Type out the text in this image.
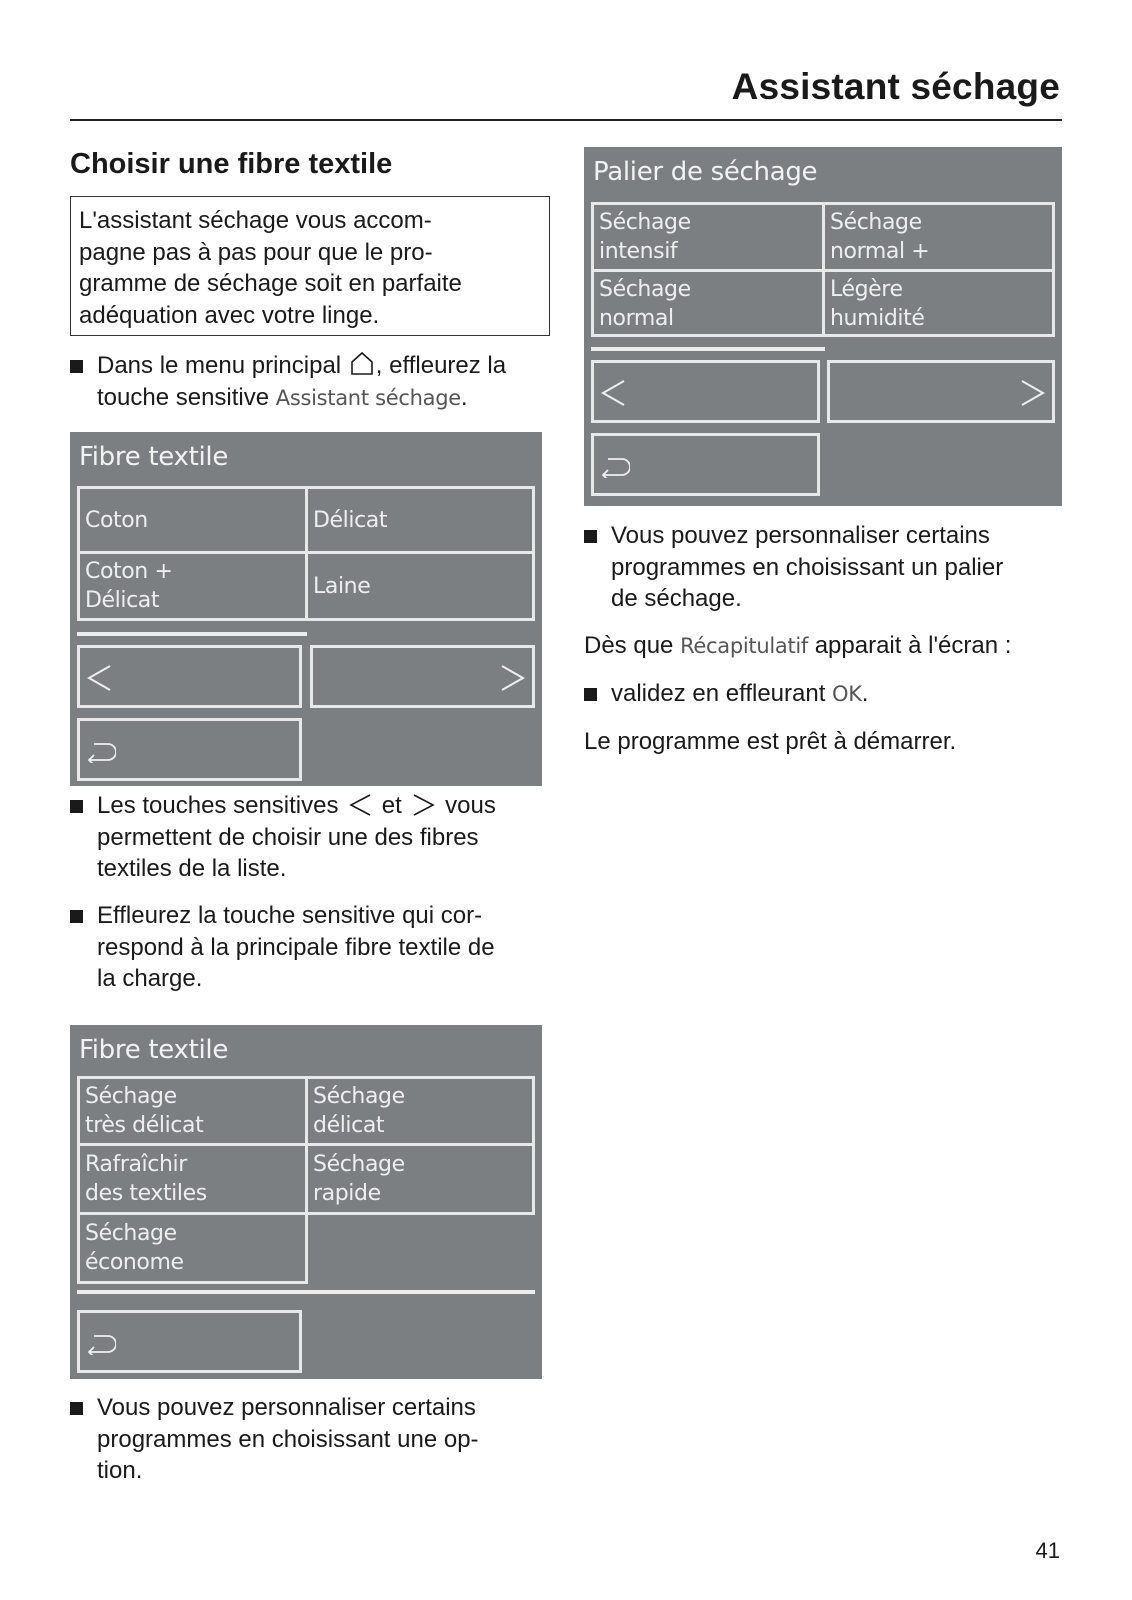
Assistant séchage
Choisir une fibre textile
L'assistant séchage vous accom-
pagne pas à pas pour que le pro-
gramme de séchage soit en parfaite
adéquation avec votre linge.
Dans le menu principal , effleurez la touche sensitive Assistant séchage.
Fibre textile
Coton	Délicat
Coton +
Délicat
Laine
Les touches sensitives  et  vous permettent de choisir une des fibres textiles de la liste.
Effleurez la touche sensitive qui cor-
respond à la principale fibre textile de
la charge.
Fibre textile
Séchage
très délicat
Séchage
délicat
Rafraîchir
des textiles
Séchage
rapide
Séchage
économe
Vous pouvez personnaliser certains
programmes en choisissant une op-
tion.
Palier de séchage
Séchage
intensif
Séchage
normal +
Séchage
normal
Légère
humidité
Vous pouvez personnaliser certains
programmes en choisissant un palier
de séchage.
Dès que Récapitulatif apparait à l'écran :
validez en effleurant OK.
Le programme est prêt à démarrer.
41
